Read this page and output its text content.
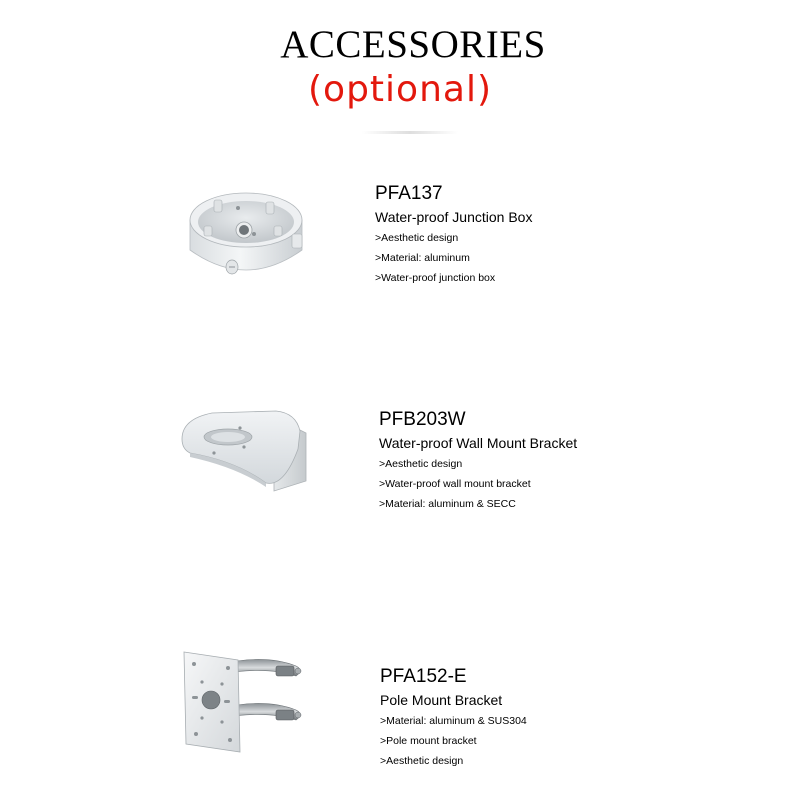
ACCESSORIES
(optional)
PFA137
Water-proof Junction Box
>Aesthetic design
>Material: aluminum
>Water-proof junction box
PFB203W
Water-proof Wall Mount Bracket
>Aesthetic design
>Water-proof wall mount bracket
>Material: aluminum & SECC
PFA152-E
Pole Mount Bracket
>Material: aluminum & SUS304
>Pole mount bracket
>Aesthetic design
